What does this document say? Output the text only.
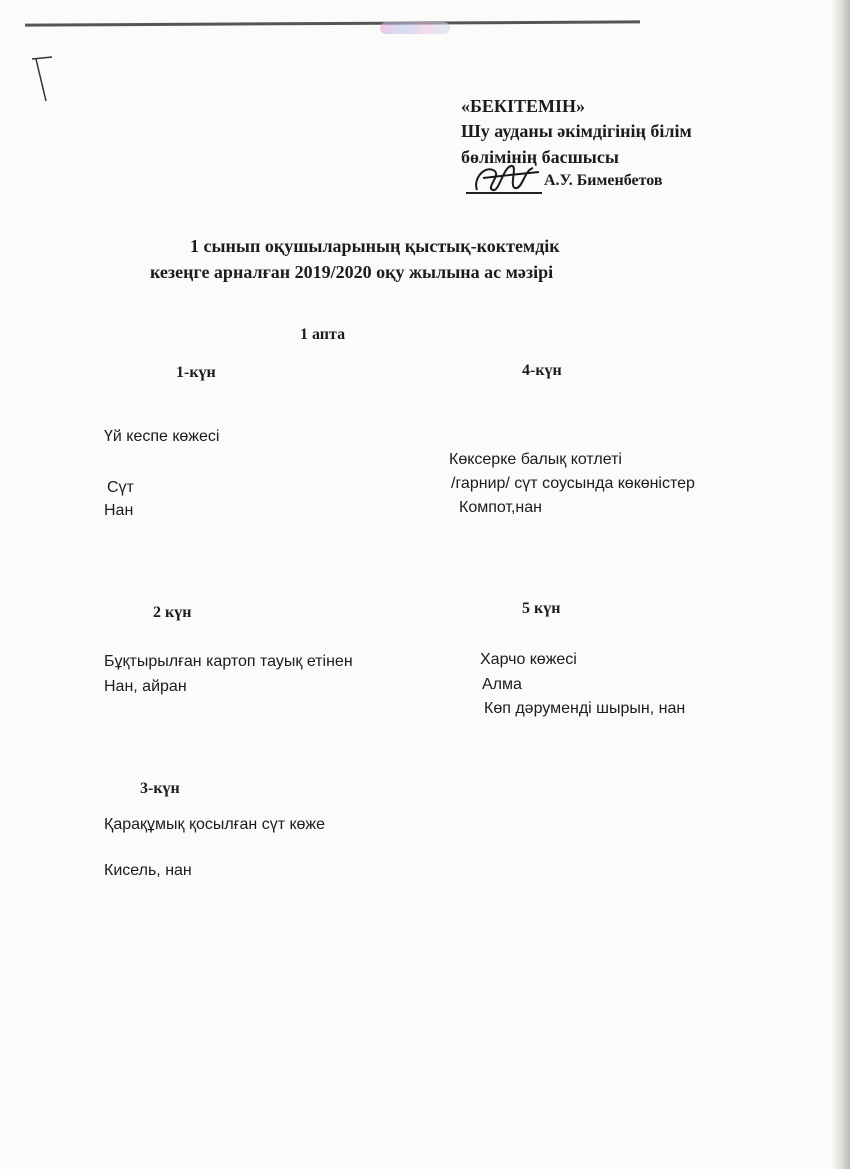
«БЕКІТЕМІН»
Шу ауданы әкімдігінің білім
бөлімінің басшысы
А.У. Бименбетов
1 сынып оқушыларының қыстық-коктемдік
кезеңге арналған 2019/2020 оқу жылына ас мәзірі
1 апта
1-күн
Үй кеспе көжесі
Сүт
Нан
4-күн
Көксерке балық котлеті
/гарнир/ сүт соусында көкөністер
Компот,нан
2 күн
Бұқтырылған картоп тауық етінен
Нан, айран
5 күн
Харчо көжесі
Алма
Көп дәруменді шырын, нан
3-күн
Қарақұмық қосылған сүт көже
Кисель, нан
